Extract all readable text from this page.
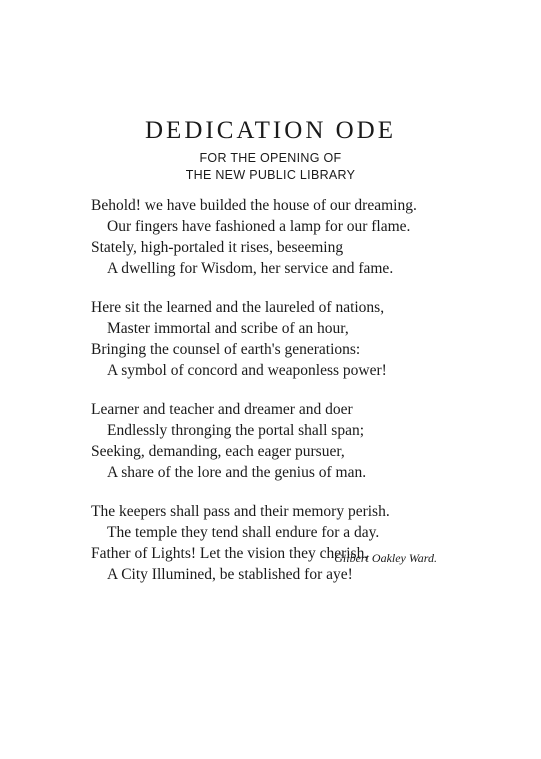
DEDICATION ODE
FOR THE OPENING OF
THE NEW PUBLIC LIBRARY
Behold! we have builded the house of our dreaming.
Our fingers have fashioned a lamp for our flame.
Stately, high-portaled it rises, beseeming
A dwelling for Wisdom, her service and fame.
Here sit the learned and the laureled of nations,
Master immortal and scribe of an hour,
Bringing the counsel of earth's generations:
A symbol of concord and weaponless power!
Learner and teacher and dreamer and doer
Endlessly thronging the portal shall span;
Seeking, demanding, each eager pursuer,
A share of the lore and the genius of man.
The keepers shall pass and their memory perish.
The temple they tend shall endure for a day.
Father of Lights! Let the vision they cherish,
A City Illumined, be stablished for aye!
Gilbert Oakley Ward.
